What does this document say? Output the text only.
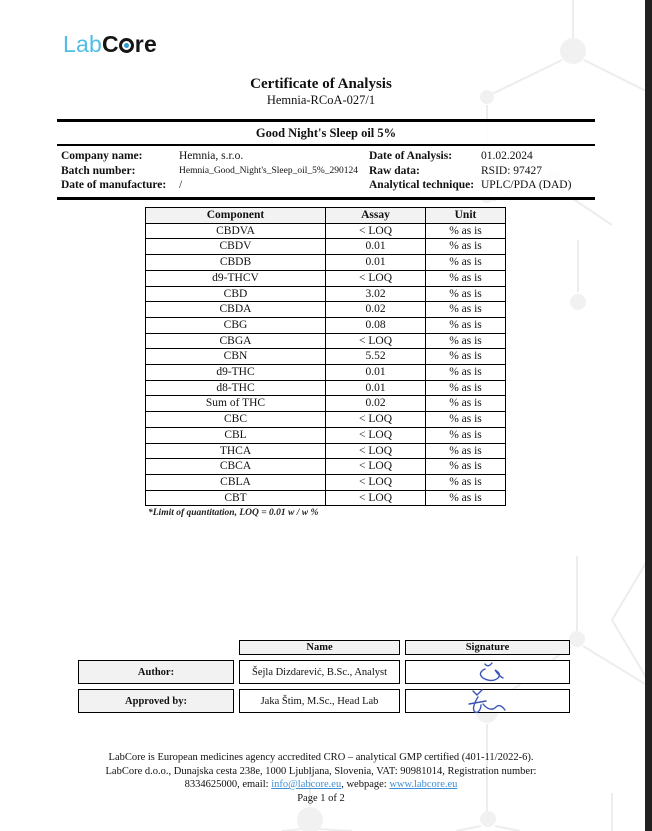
LabC re
Certificate of Analysis
Hemnia-RCoA-027/1
Good Night's Sleep oil 5%
Company name:	Hemnia, s.r.o.
Batch number:	Hemnia_Good_Night's_Sleep_oil_5%_290124
Date of manufacture:	/
Date of Analysis:	01.02.2024
Raw data:	RSID: 97427
Analytical technique: UPLC/PDA (DAD)
Component	Assay	Unit
CBDVA	< LOQ	% as is
CBDV	0.01	% as is
CBDB	0.01	% as is
d9-THCV	< LOQ	% as is
CBD	3.02	% as is
CBDA	0.02	% as is
CBG	0.08	% as is
CBGA	< LOQ	% as is
CBN	5.52	% as is
d9-THC	0.01	% as is
d8-THC	0.01	% as is
Sum of THC	0.02	% as is
CBC	< LOQ	% as is
CBL	< LOQ	% as is
THCA	< LOQ	% as is
CBCA	< LOQ	% as is
CBLA	< LOQ	% as is
CBT	< LOQ	% as is
*Limit of quantitation, LOQ = 0.01 w / w %
Name	Signature
Author:	Šejla Dizdarević, B.Sc., Analyst
Approved by:	Jaka Štim, M.Sc., Head Lab
LabCore is European medicines agency accredited CRO – analytical GMP certified (401-11/2022-6).
LabCore d.o.o., Dunajska cesta 238e, 1000 Ljubljana, Slovenia, VAT: 90981014, Registration number:
8334625000, email: info@labcore.eu, webpage: www.labcore.eu
Page 1 of 2
